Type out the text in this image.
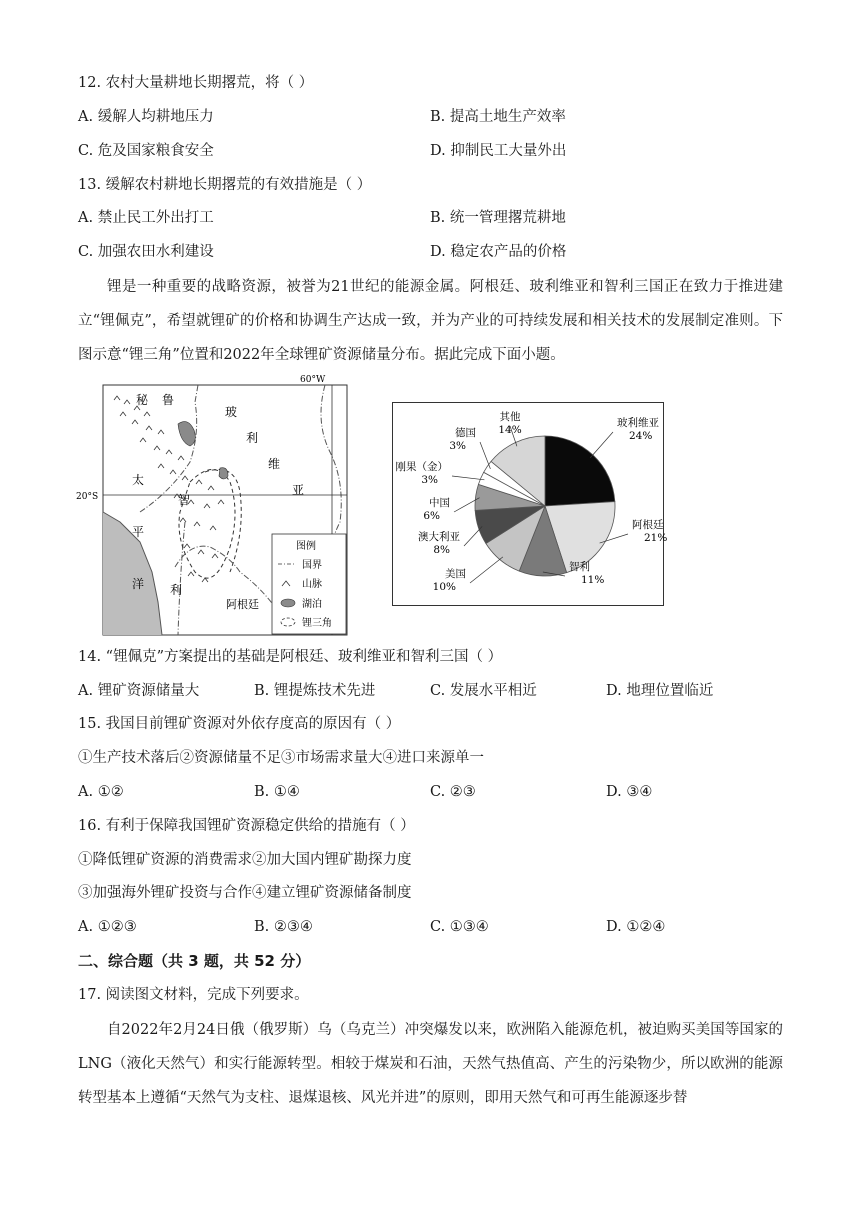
12. 农村大量耕地长期撂荒，将（ ）
A. 缓解人均耕地压力	B. 提高土地生产效率
C. 危及国家粮食安全	D. 抑制民工大量外出
13. 缓解农村耕地长期撂荒的有效措施是（ ）
A. 禁止民工外出打工	B. 统一管理撂荒耕地
C. 加强农田水利建设	D. 稳定农产品的价格
锂是一种重要的战略资源，被誉为21世纪的能源金属。阿根廷、玻利维亚和智利三国正在致力于推进建立“锂佩克”，希望就锂矿的价格和协调生产达成一致，并为产业的可持续发展和相关技术的发展制定准则。下图示意“锂三角”位置和2022年全球锂矿资源储量分布。据此完成下面小题。
60°W
20°S
秘 鲁
玻
利
维
亚
智
利
阿根廷
太
平
洋
图例
国界
山脉
湖泊
锂三角
玻利维亚
24%
阿根廷
21%
智利
11%
美国
10%
澳大利亚
8%
中国
6%
刚果（金）
3%
德国
3%
其他
14%
14. “锂佩克”方案提出的基础是阿根廷、玻利维亚和智利三国（ ）
A. 锂矿资源储量大	B. 锂提炼技术先进	C. 发展水平相近	D. 地理位置临近
15. 我国目前锂矿资源对外依存度高的原因有（ ）
①生产技术落后②资源储量不足③市场需求量大④进口来源单一
A. ①②	B. ①④	C. ②③	D. ③④
16. 有利于保障我国锂矿资源稳定供给的措施有（ ）
①降低锂矿资源的消费需求②加大国内锂矿勘探力度
③加强海外锂矿投资与合作④建立锂矿资源储备制度
A. ①②③	B. ②③④	C. ①③④	D. ①②④
二、综合题（共 3 题，共 52 分）
17. 阅读图文材料，完成下列要求。
自2022年2月24日俄（俄罗斯）乌（乌克兰）冲突爆发以来，欧洲陷入能源危机，被迫购买美国等国家的LNG（液化天然气）和实行能源转型。相较于煤炭和石油，天然气热值高、产生的污染物少，所以欧洲的能源转型基本上遵循“天然气为支柱、退煤退核、风光并进”的原则，即用天然气和可再生能源逐步替
